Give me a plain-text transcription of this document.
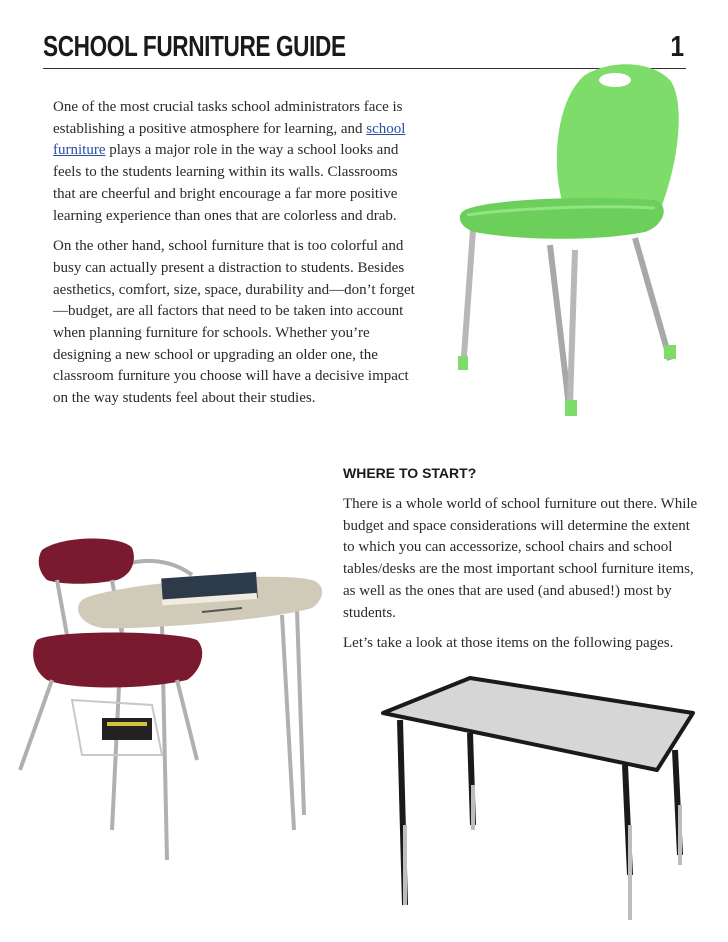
SCHOOL FURNITURE GUIDE	1

One of the most crucial tasks school administrators face is establishing a positive atmosphere for learning, and school furniture plays a major role in the way a school looks and feels to the students learning within its walls. Classrooms that are cheerful and bright encourage a far more positive learning experience than ones that are colorless and drab.

On the other hand, school furniture that is too colorful and busy can actually present a distraction to students. Besides aesthetics, comfort, size, space, durability and—don’t forget—budget, are all factors that need to be taken into account when planning furniture for schools. Whether you’re designing a new school or upgrading an older one, the classroom furniture you choose will have a decisive impact on the way students feel about their studies.

WHERE TO START?

There is a whole world of school furniture out there. While budget and space considerations will determine the extent to which you can accessorize, school chairs and school tables/desks are the most important school furniture items, as well as the ones that are used (and abused!) most by students.

Let’s take a look at those items on the following pages.
